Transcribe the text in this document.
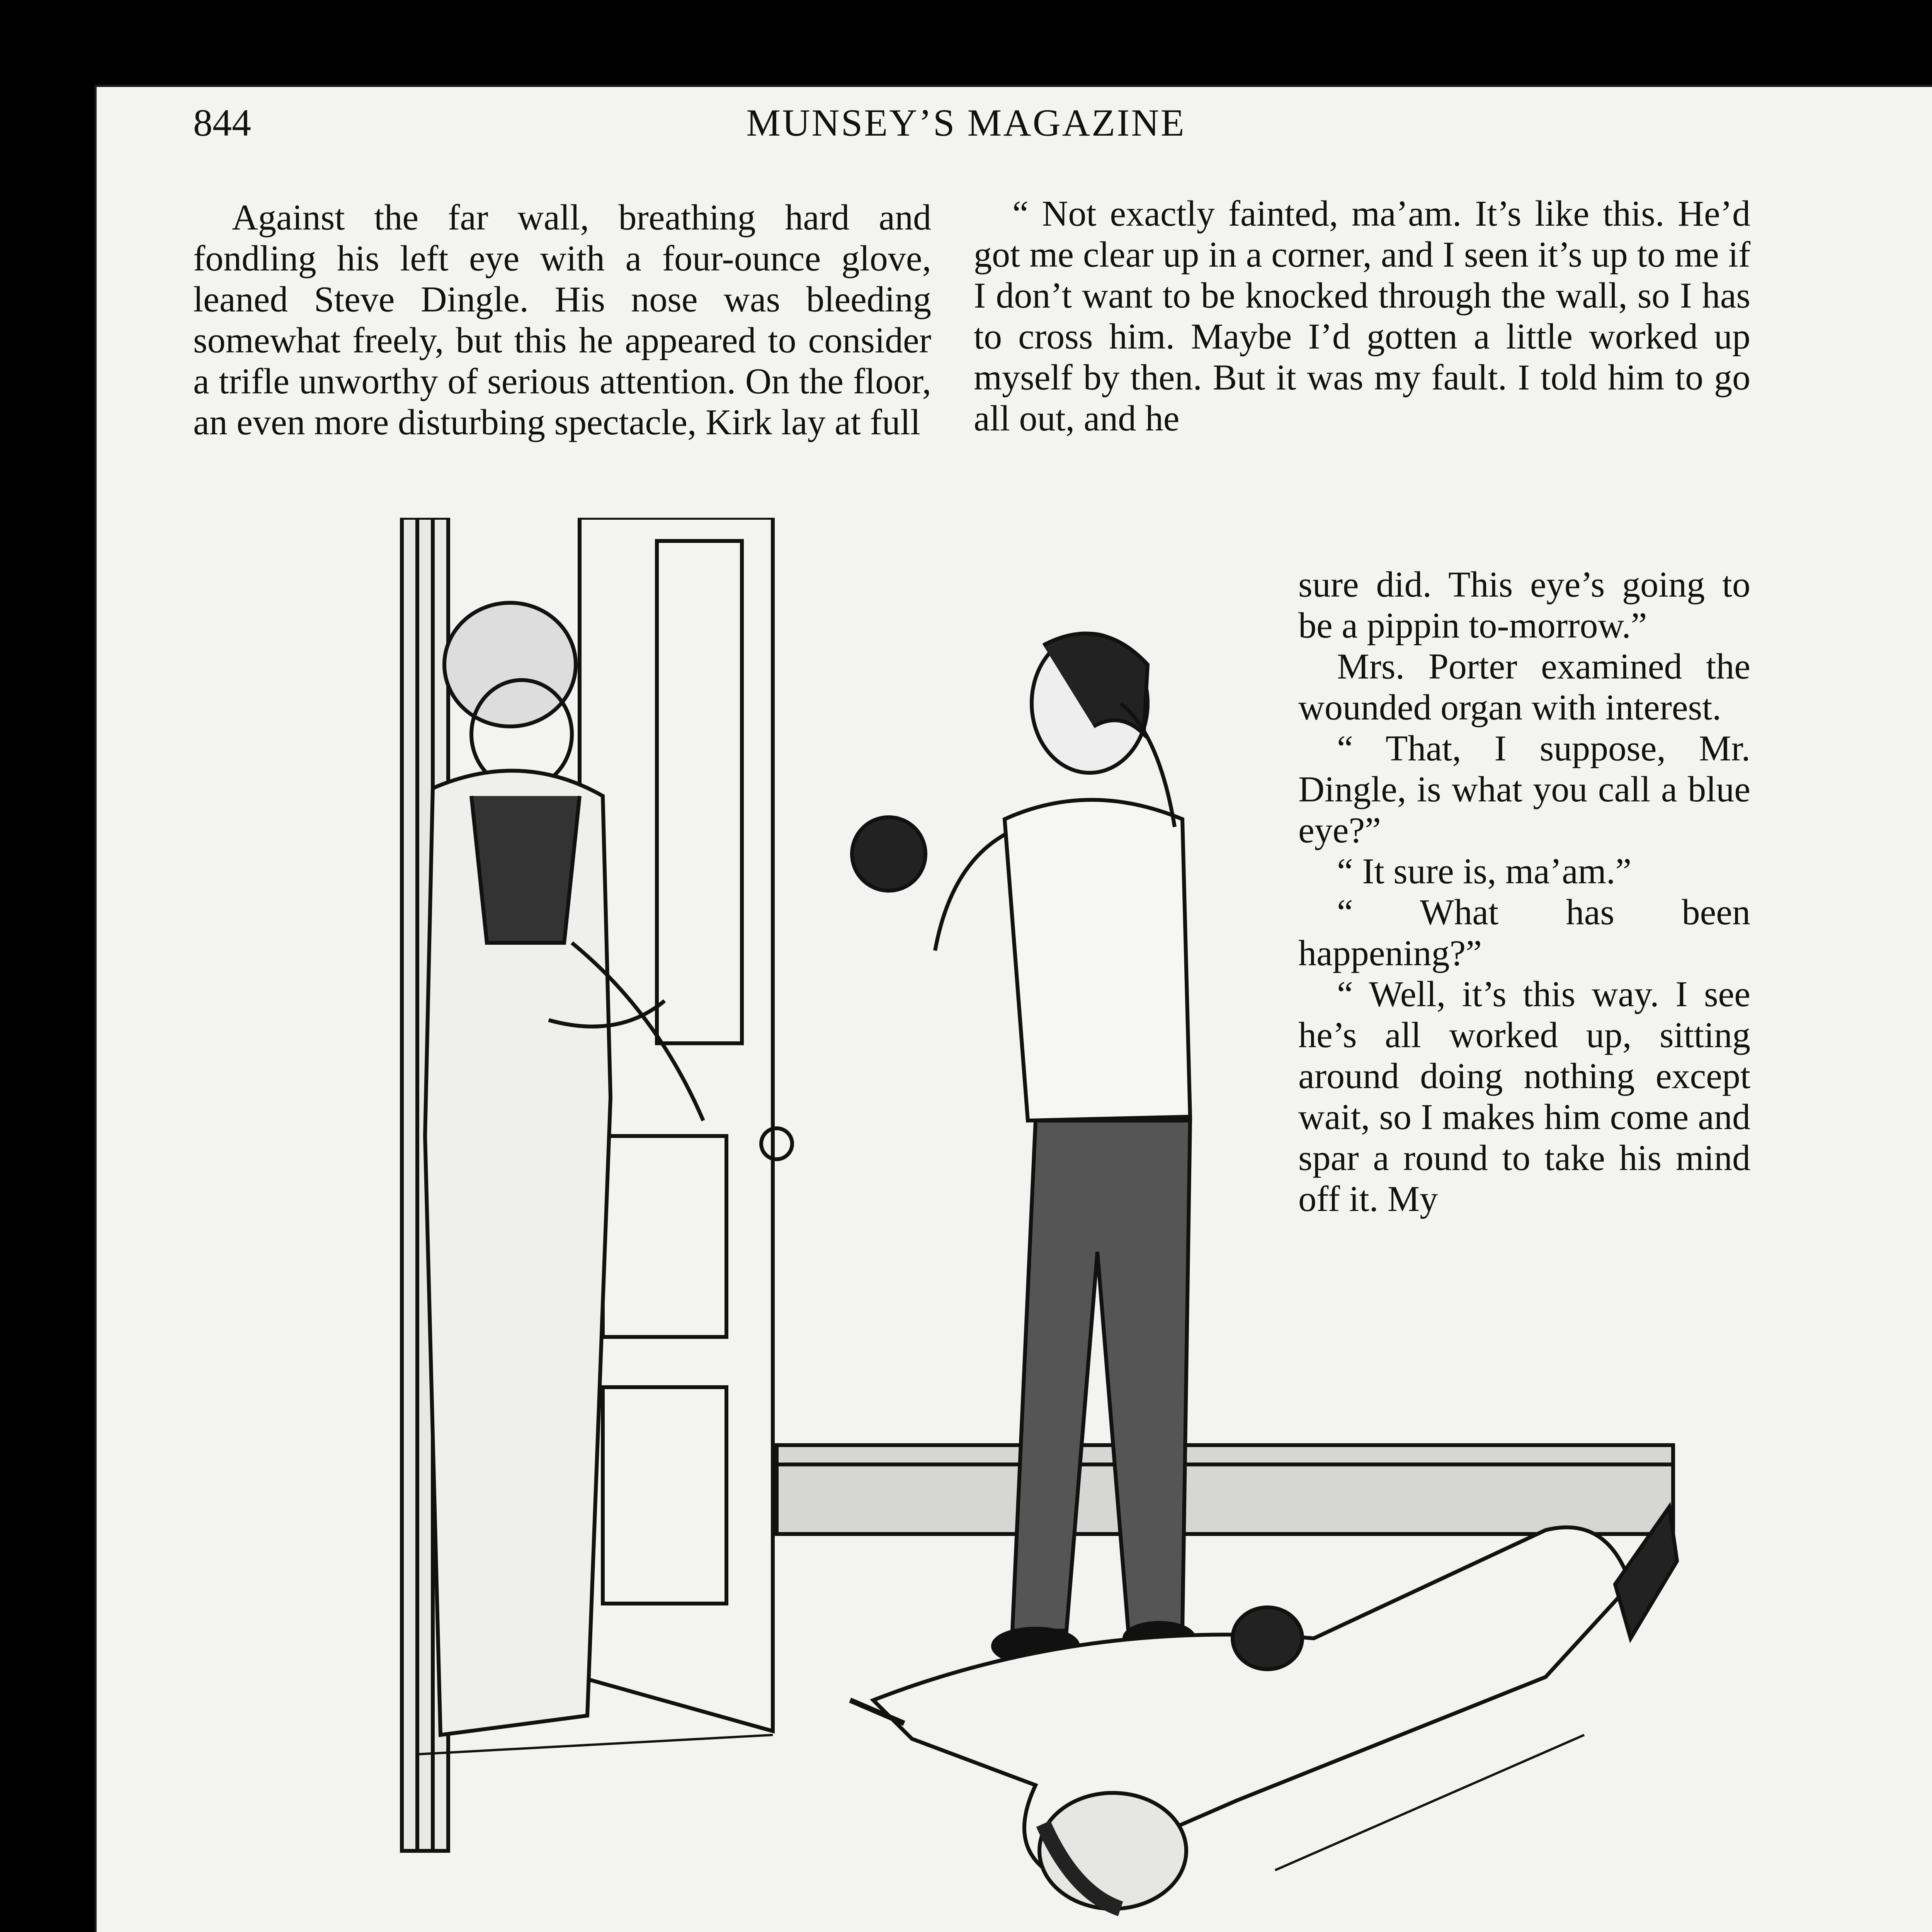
844	MUNSEY’S MAGAZINE

Against the far wall, breathing hard and fondling his left eye with a four-ounce glove, leaned Steve Dingle. His nose was bleeding somewhat freely, but this he appeared to consider a trifle unworthy of serious attention. On the floor, an even more disturbing spectacle, Kirk lay at full

“ Not exactly fainted, ma’am. It’s like this. He’d got me clear up in a corner, and I seen it’s up to me if I don’t want to be knocked through the wall, so I has to cross him. Maybe I’d gotten a little worked up myself by then. But it was my fault. I told him to go all out, and he

sure did. This eye’s going to be a pippin to-morrow.”

Mrs. Porter examined the wounded organ with interest.

“ That, I suppose, Mr. Dingle, is what you call a blue eye?”

“ It sure is, ma’am.”

“ What has been happening?”

“ Well, it’s this way. I see he’s all worked up, sitting around doing nothing except wait, so I makes him come and spar a round to take his mind off it. My
